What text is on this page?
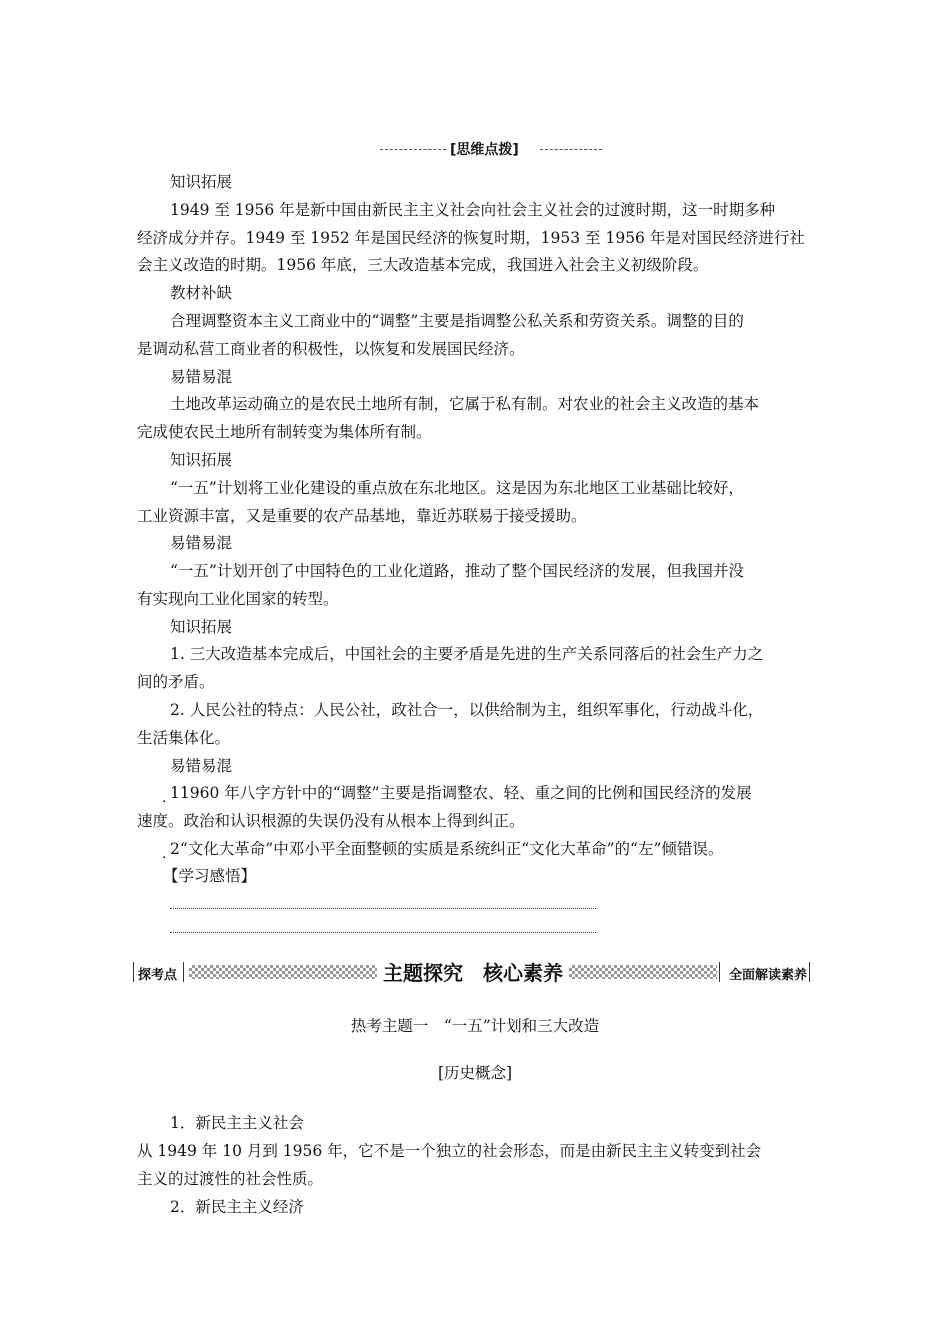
[思维点拨]
知识拓展
1949 至 1956 年是新中国由新民主主义社会向社会主义社会的过渡时期，这一时期多种
经济成分并存。1949 至 1952 年是国民经济的恢复时期，1953 至 1956 年是对国民经济进行社
会主义改造的时期。1956 年底，三大改造基本完成，我国进入社会主义初级阶段。
教材补缺
合理调整资本主义工商业中的“调整”主要是指调整公私关系和劳资关系。调整的目的
是调动私营工商业者的积极性，以恢复和发展国民经济。
易错易混
土地改革运动确立的是农民土地所有制，它属于私有制。对农业的社会主义改造的基本
完成使农民土地所有制转变为集体所有制。
知识拓展
“一五”计划将工业化建设的重点放在东北地区。这是因为东北地区工业基础比较好，
工业资源丰富，又是重要的农产品基地，靠近苏联易于接受援助。
易错易混
“一五”计划开创了中国特色的工业化道路，推动了整个国民经济的发展，但我国并没
有实现向工业化国家的转型。
知识拓展
1. 三大改造基本完成后，中国社会的主要矛盾是先进的生产关系同落后的社会生产力之
间的矛盾。
2. 人民公社的特点：人民公社，政社合一，以供给制为主，组织军事化，行动战斗化，
生活集体化。
易错易混
. 11960 年八字方针中的“调整”主要是指调整农、轻、重之间的比例和国民经济的发展
速度。政治和认识根源的失误仍没有从根本上得到纠正。
. 2“文化大革命”中邓小平全面整顿的实质是系统纠正“文化大革命”的“左”倾错误。
【学习感悟】
探考点	主题探究　核心素养	全面解读素养
热考主题一　“一五”计划和三大改造
[历史概念]
1．新民主主义社会
从 1949 年 10 月到 1956 年，它不是一个独立的社会形态，而是由新民主主义转变到社会
主义的过渡性的社会性质。
2．新民主主义经济
